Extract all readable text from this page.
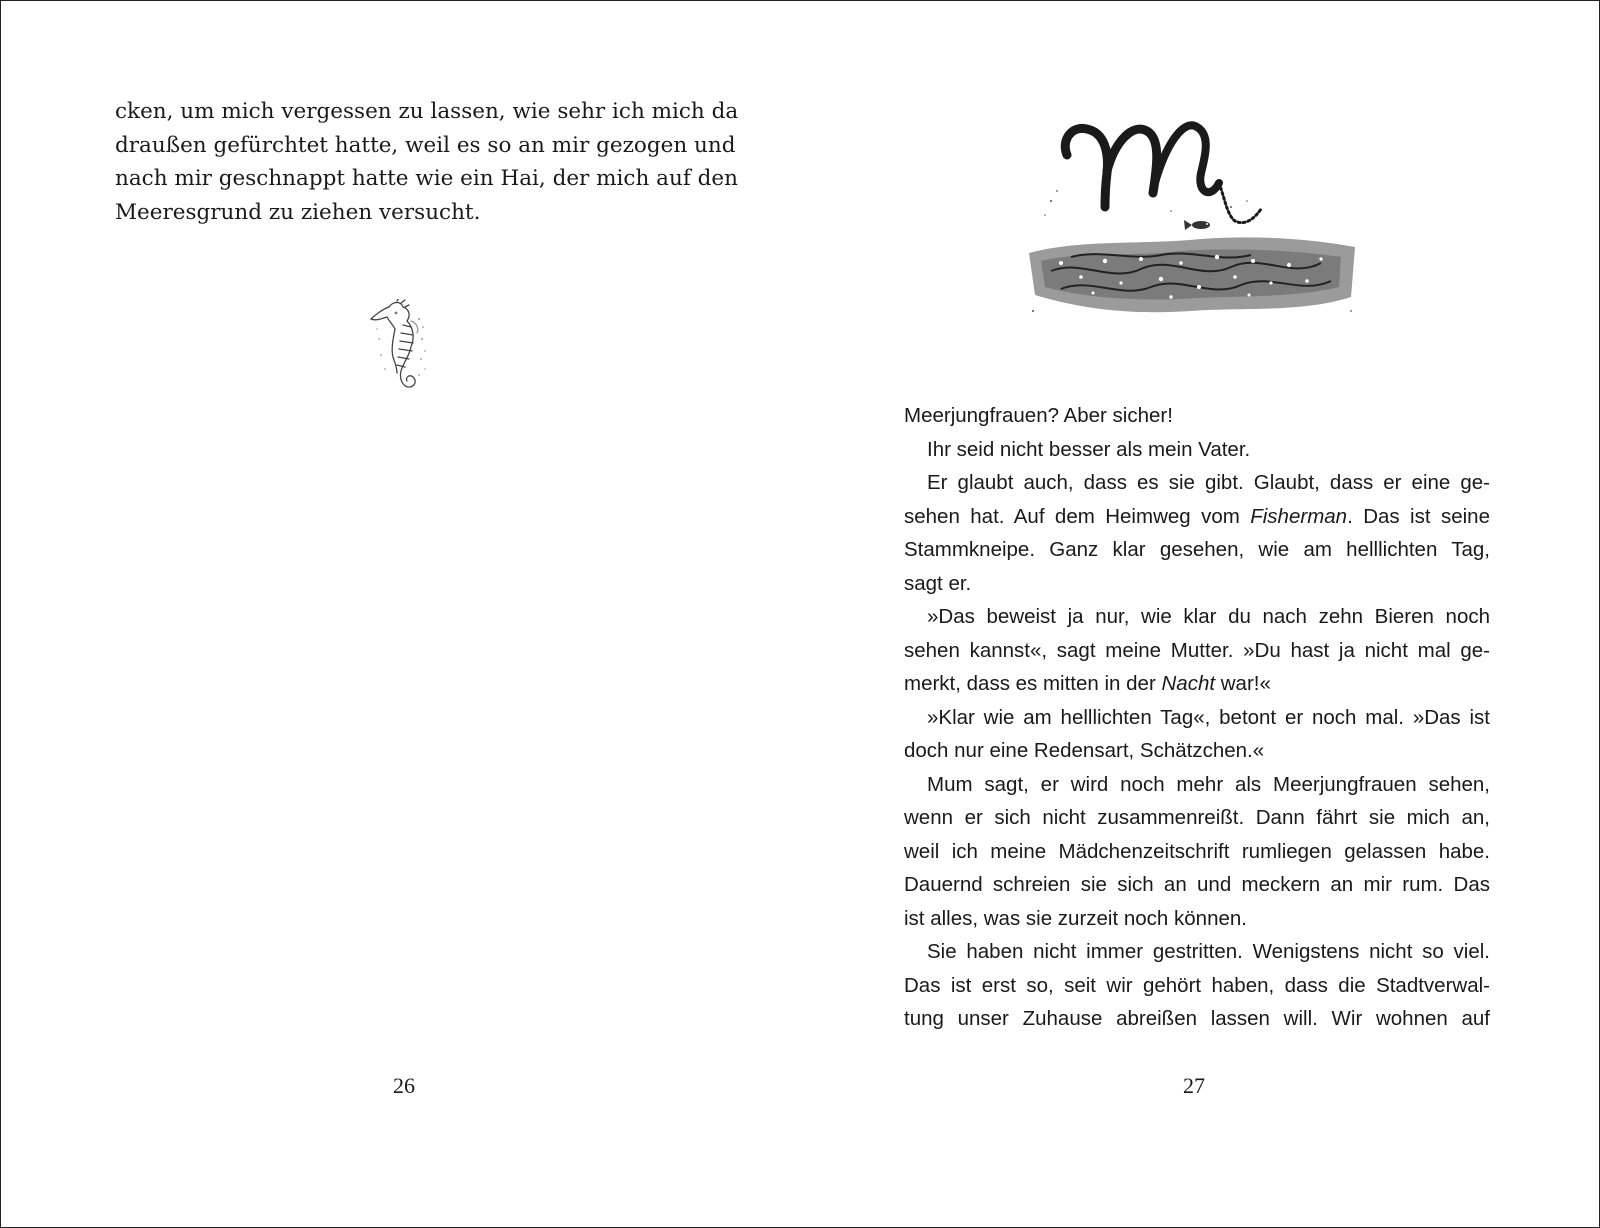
cken, um mich vergessen zu lassen, wie sehr ich mich da
draußen gefürchtet hatte, weil es so an mir gezogen und
nach mir geschnappt hatte wie ein Hai, der mich auf den
Meeresgrund zu ziehen versucht.

26
Meerjungfrauen? Aber sicher!
Ihr seid nicht besser als mein Vater.
Er glaubt auch, dass es sie gibt. Glaubt, dass er eine ge-
sehen hat. Auf dem Heimweg vom Fisherman. Das ist seine
Stammkneipe. Ganz klar gesehen, wie am helllichten Tag,
sagt er.
»Das beweist ja nur, wie klar du nach zehn Bieren noch
sehen kannst«, sagt meine Mutter. »Du hast ja nicht mal ge-
merkt, dass es mitten in der Nacht war!«
»Klar wie am helllichten Tag«, betont er noch mal. »Das ist
doch nur eine Redensart, Schätzchen.«
Mum sagt, er wird noch mehr als Meerjungfrauen sehen,
wenn er sich nicht zusammenreißt. Dann fährt sie mich an,
weil ich meine Mädchenzeitschrift rumliegen gelassen habe.
Dauernd schreien sie sich an und meckern an mir rum. Das
ist alles, was sie zurzeit noch können.
Sie haben nicht immer gestritten. Wenigstens nicht so viel.
Das ist erst so, seit wir gehört haben, dass die Stadtverwal-
tung unser Zuhause abreißen lassen will. Wir wohnen auf
27
